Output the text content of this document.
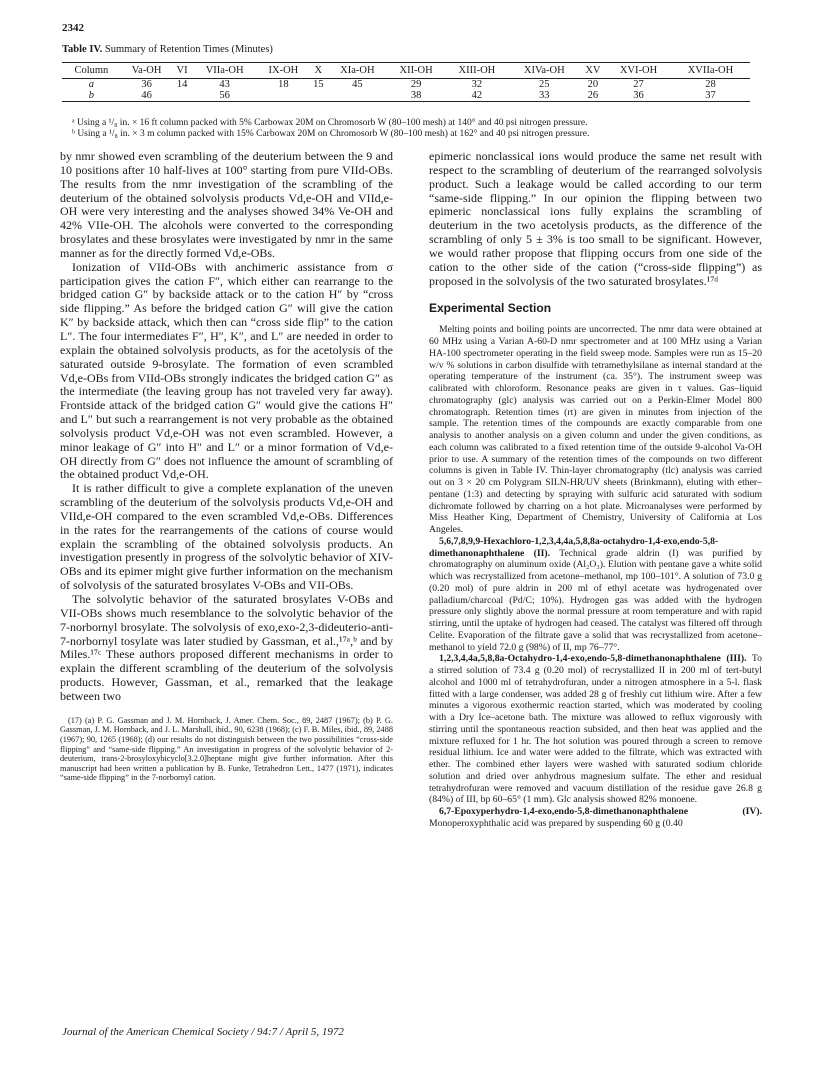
2342
Table IV. Summary of Retention Times (Minutes)
Column	Va-OH	VI	VIIa-OH	IX-OH	X	XIa-OH	XII-OH	XIII-OH	XIVa-OH	XV	XVI-OH	XVIIa-OH
a	36	14	43	18	15	45	29	32	25	20	27	28
b	46		56				38	42	33	26	36	37
ᵃ Using a ¹/₈ in. × 16 ft column packed with 5% Carbowax 20M on Chromosorb W (80–100 mesh) at 140° and 40 psi nitrogen pressure.
ᵇ Using a ¹/₈ in. × 3 m column packed with 15% Carbowax 20M on Chromosorb W (80–100 mesh) at 162° and 40 psi nitrogen pressure.

by nmr showed even scrambling of the deuterium between the 9 and 10 positions after 10 half-lives at 100° starting from pure VIId-OBs. The results from the nmr investigation of the scrambling of the deuterium of the obtained solvolysis products Vd,e-OH and VIId,e-OH were very interesting and the analyses showed 34% Ve-OH and 42% VIIe-OH. The alcohols were converted to the corresponding brosylates and these brosylates were investigated by nmr in the same manner as for the directly formed Vd,e-OBs.

Ionization of VIId-OBs with anchimeric assistance from σ participation gives the cation F″, which either can rearrange to the bridged cation G″ by backside attack or to the cation H″ by “cross side flipping.” As before the bridged cation G″ will give the cation K″ by backside attack, which then can “cross side flip” to the cation L″. The four intermediates F″, H″, K″, and L″ are needed in order to explain the obtained solvolysis products, as for the acetolysis of the saturated outside 9-brosylate. The formation of even scrambled Vd,e-OBs from VIId-OBs strongly indicates the bridged cation G″ as the intermediate (the leaving group has not traveled very far away). Frontside attack of the bridged cation G″ would give the cations H″ and L″ but such a rearrangement is not very probable as the obtained solvolysis product Vd,e-OH was not even scrambled. However, a minor leakage of G″ into H″ and L″ or a minor formation of Vd,e-OH directly from G″ does not influence the amount of scrambling of the obtained product Vd,e-OH.

It is rather difficult to give a complete explanation of the uneven scrambling of the deuterium of the solvolysis products Vd,e-OH and VIId,e-OH compared to the even scrambled Vd,e-OBs. Differences in the rates for the rearrangements of the cations of course would explain the scrambling of the obtained solvolysis products. An investigation presently in progress of the solvolytic behavior of XIV-OBs and its epimer might give further information on the mechanism of solvolysis of the saturated brosylates V-OBs and VII-OBs.

The solvolytic behavior of the saturated brosylates V-OBs and VII-OBs shows much resemblance to the solvolytic behavior of the 7-norbornyl brosylate. The solvolysis of exo,exo-2,3-dideuterio-anti-7-norbornyl tosylate was later studied by Gassman, et al.,¹⁷ᵃ,ᵇ and by Miles.¹⁷ᶜ These authors proposed different mechanisms in order to explain the different scrambling of the deuterium of the solvolysis products. However, Gassman, et al., remarked that the leakage between two

(17) (a) P. G. Gassman and J. M. Hornback, J. Amer. Chem. Soc., 89, 2487 (1967); (b) P. G. Gassman, J. M. Hornback, and J. L. Marshall, ibid., 90, 6238 (1968); (c) F. B. Miles, ibid., 89, 2488 (1967); 90, 1265 (1968); (d) our results do not distinguish between the two possibilities “cross-side flipping” and “same-side flipping.” An investigation in progress of the solvolytic behavior of 2-deuterium, trans-2-brosyloxybicyclo[3.2.0]heptane might give further information. After this manuscript had been written a publication by B. Funke, Tetrahedron Lett., 1477 (1971), indicates “same-side flipping” in the 7-norbornyl cation.

epimeric nonclassical ions would produce the same net result with respect to the scrambling of deuterium of the rearranged solvolysis product. Such a leakage would be called according to our term “same-side flipping.” In our opinion the flipping between two epimeric nonclassical ions fully explains the scrambling of deuterium in the two acetolysis products, as the difference of the scrambling of only 5 ± 3% is too small to be significant. However, we would rather propose that flipping occurs from one side of the cation to the other side of the cation (“cross-side flipping”) as proposed in the solvolysis of the two saturated brosylates.¹⁷ᵈ

Experimental Section

Melting points and boiling points are uncorrected. The nmr data were obtained at 60 MHz using a Varian A-60-D nmr spectrometer and at 100 MHz using a Varian HA-100 spectrometer operating in the field sweep mode. Samples were run as 15–20 w/v % solutions in carbon disulfide with tetramethylsilane as internal standard at the operating temperature of the instrument (ca. 35°). The instrument sweep was calibrated with chloroform. Resonance peaks are given in τ values. Gas–liquid chromatography (glc) analysis was carried out on a Perkin-Elmer Model 800 chromatograph. Retention times (rt) are given in minutes from injection of the sample. The retention times of the compounds are exactly comparable from one analysis to another analysis on a given column and under the given conditions, as each column was calibrated to a fixed retention time of the outside 9-alcohol Va-OH prior to use. A summary of the retention times of the compounds on two different columns is given in Table IV. Thin-layer chromatography (tlc) analysis was carried out on 3 × 20 cm Polygram SILN-HR/UV sheets (Brinkmann), eluting with ether–pentane (1:3) and detecting by spraying with sulfuric acid saturated with sodium dichromate followed by charring on a hot plate. Microanalyses were performed by Miss Heather King, Department of Chemistry, University of California at Los Angeles.

5,6,7,8,9,9-Hexachloro-1,2,3,4,4a,5,8,8a-octahydro-1,4-exo,endo-5,8-dimethanonaphthalene (II). Technical grade aldrin (I) was purified by chromatography on aluminum oxide (Al₂O₃). Elution with pentane gave a white solid which was recrystallized from acetone–methanol, mp 100–101°. A solution of 73.0 g (0.20 mol) of pure aldrin in 200 ml of ethyl acetate was hydrogenated over palladium/charcoal (Pd/C; 10%). Hydrogen gas was added with the hydrogen pressure only slightly above the normal pressure at room temperature and with rapid stirring, until the uptake of hydrogen had ceased. The catalyst was filtered off through Celite. Evaporation of the filtrate gave a solid that was recrystallized from acetone–methanol to yield 72.0 g (98%) of II, mp 76–77°.

1,2,3,4,4a,5,8,8a-Octahydro-1,4-exo,endo-5,8-dimethanonaphthalene (III). To a stirred solution of 73.4 g (0.20 mol) of recrystallized II in 200 ml of tert-butyl alcohol and 1000 ml of tetrahydrofuran, under a nitrogen atmosphere in a 5-l. flask fitted with a large condenser, was added 28 g of freshly cut lithium wire. After a few minutes a vigorous exothermic reaction started, which was moderated by cooling with a Dry Ice–acetone bath. The mixture was allowed to reflux vigorously with stirring until the spontaneous reaction subsided, and then heat was applied and the mixture refluxed for 1 hr. The hot solution was poured through a screen to remove residual lithium. Ice and water were added to the filtrate, which was extracted with ether. The combined ether layers were washed with saturated sodium chloride solution and dried over anhydrous magnesium sulfate. The ether and residual tetrahydrofuran were removed and vacuum distillation of the residue gave 26.8 g (84%) of III, bp 60–65° (1 mm). Glc analysis showed 82% monoene.

6,7-Epoxyperhydro-1,4-exo,endo-5,8-dimethanonaphthalene (IV). Monoperoxyphthalic acid was prepared by suspending 60 g (0.40

Journal of the American Chemical Society / 94:7 / April 5, 1972
